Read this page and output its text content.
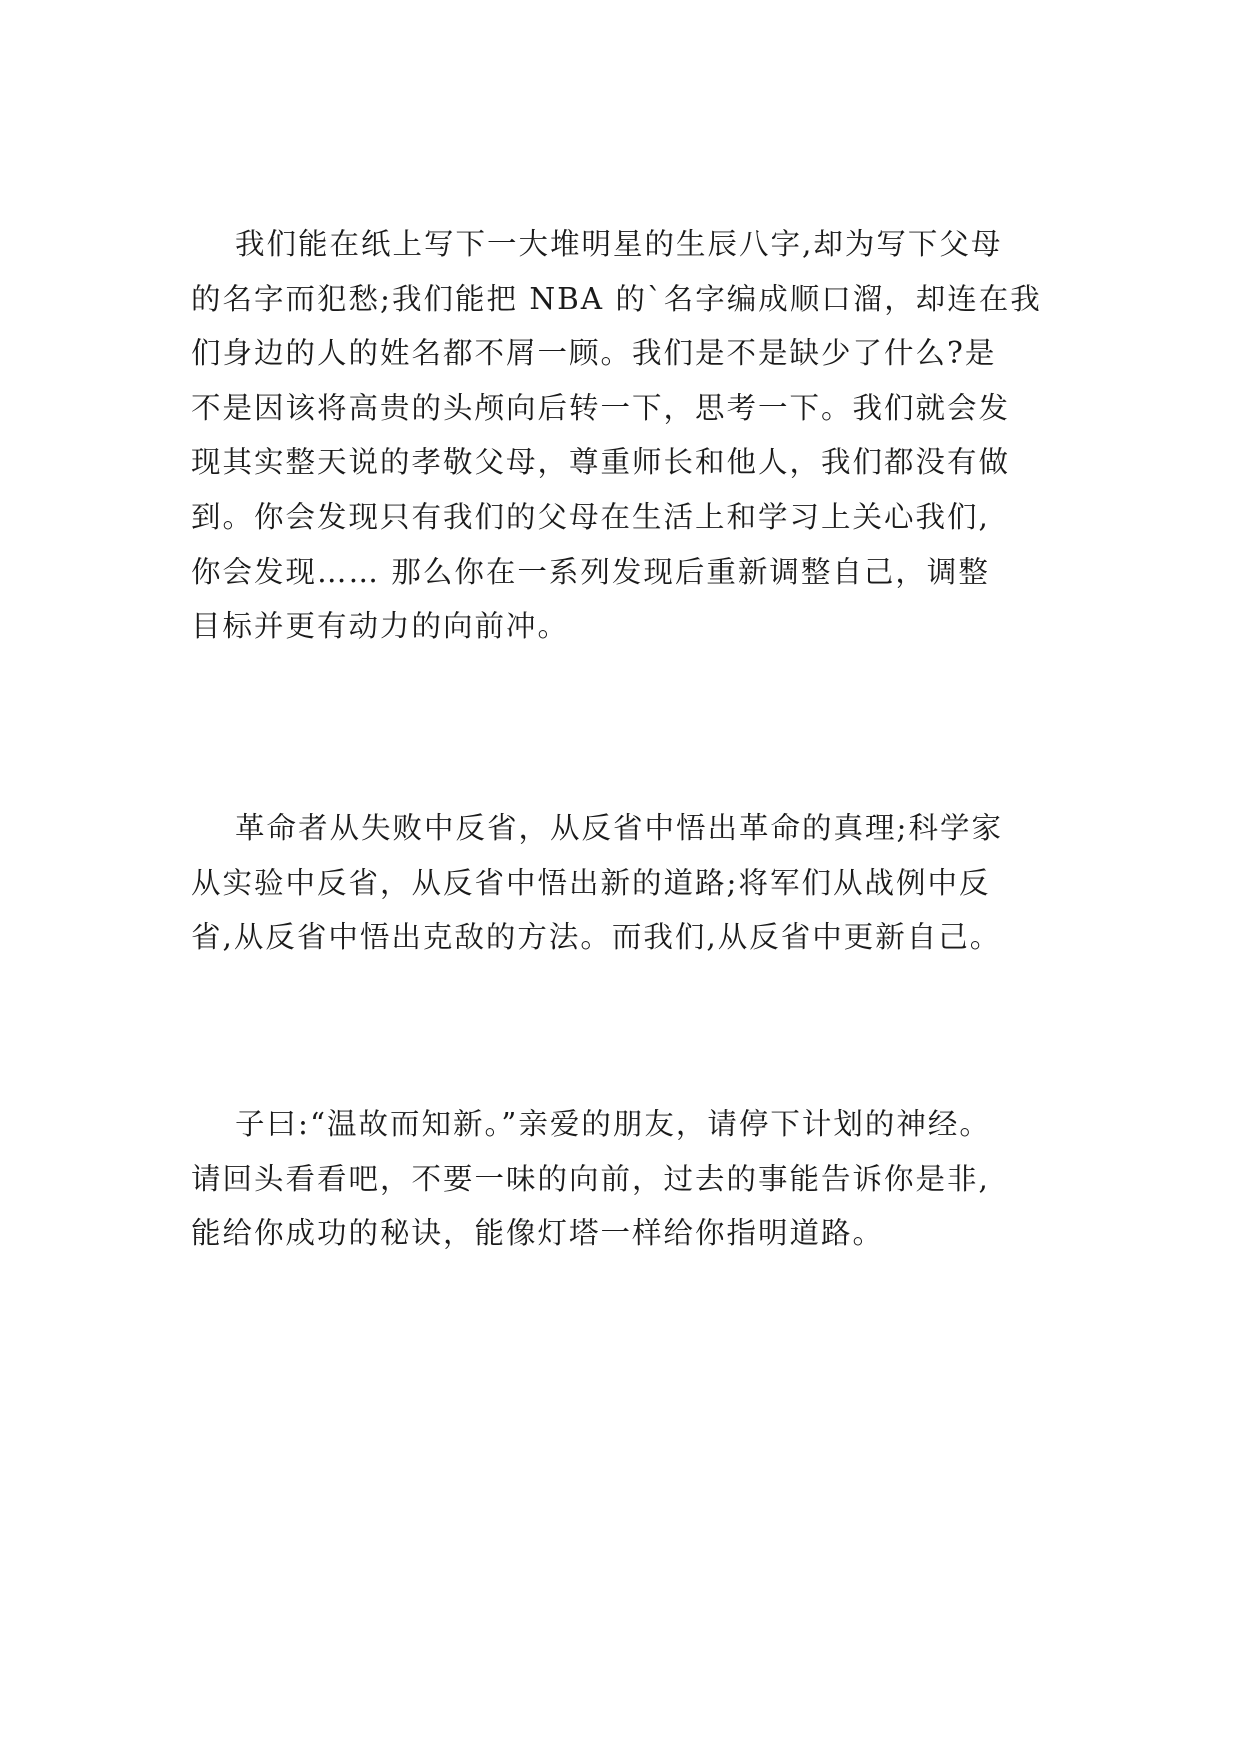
我们能在纸上写下一大堆明星的生辰八字,却为写下父母
的名字而犯愁;我们能把 NBA 的`名字编成顺口溜，却连在我
们身边的人的姓名都不屑一顾。我们是不是缺少了什么?是
不是因该将高贵的头颅向后转一下，思考一下。我们就会发
现其实整天说的孝敬父母，尊重师长和他人，我们都没有做
到。你会发现只有我们的父母在生活上和学习上关心我们,
你会发现…… 那么你在一系列发现后重新调整自己，调整
目标并更有动力的向前冲。
革命者从失败中反省，从反省中悟出革命的真理;科学家
从实验中反省，从反省中悟出新的道路;将军们从战例中反
省,从反省中悟出克敌的方法。而我们,从反省中更新自己。
子曰:“温故而知新。”亲爱的朋友，请停下计划的神经。
请回头看看吧，不要一味的向前，过去的事能告诉你是非,
能给你成功的秘诀，能像灯塔一样给你指明道路。
